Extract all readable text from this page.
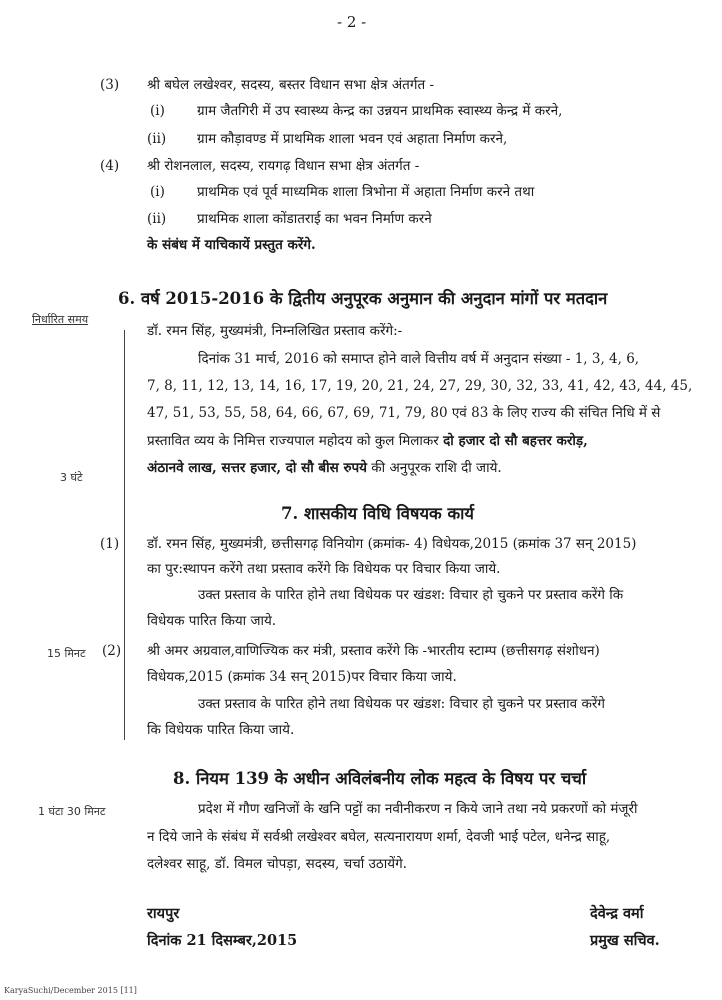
- 2 -
(3) श्री बघेल लखेश्वर, सदस्य, बस्तर विधान सभा क्षेत्र अंतर्गत -
(i) ग्राम जैतगिरी में उप स्वास्थ्य केन्द्र का उन्नयन प्राथमिक स्वास्थ्य केन्द्र में करने,
(ii) ग्राम कौड़ावण्ड में प्राथमिक शाला भवन एवं अहाता निर्माण करने,
(4) श्री रोशनलाल, सदस्य, रायगढ़ विधान सभा क्षेत्र अंतर्गत -
(i) प्राथमिक एवं पूर्व माध्यमिक शाला त्रिभोना में अहाता निर्माण करने तथा
(ii) प्राथमिक शाला कोंडातराई का भवन निर्माण करने
के संबंध में याचिकायें प्रस्तुत करेंगे.
6. वर्ष 2015-2016 के द्वितीय अनुपूरक अनुमान की अनुदान मांगों पर मतदान
निर्धारित समय
डॉ. रमन सिंह, मुख्यमंत्री, निम्नलिखित प्रस्ताव करेंगे:-
दिनांक 31 मार्च, 2016 को समाप्त होने वाले वित्तीय वर्ष में अनुदान संख्या - 1, 3, 4, 6,
7, 8, 11, 12, 13, 14, 16, 17, 19, 20, 21, 24, 27, 29, 30, 32, 33, 41, 42, 43, 44, 45,
47, 51, 53, 55, 58, 64, 66, 67, 69, 71, 79, 80 एवं 83 के लिए राज्य की संचित निधि में से
प्रस्तावित व्यय के निमित्त राज्यपाल महोदय को कुल मिलाकर दो हजार दो सौ बहत्तर करोड़,
अंठानवे लाख, सत्तर हजार, दो सौ बीस रुपये की अनुपूरक राशि दी जाये.
3 घंटे
7. शासकीय विधि विषयक कार्य
(1) डॉ. रमन सिंह, मुख्यमंत्री, छत्तीसगढ़ विनियोग (क्रमांक- 4) विधेयक,2015 (क्रमांक 37 सन् 2015)
का पुर:स्थापन करेंगे तथा प्रस्ताव करेंगे कि विधेयक पर विचार किया जाये.
उक्त प्रस्ताव के पारित होने तथा विधेयक पर खंडश: विचार हो चुकने पर प्रस्ताव करेंगे कि
विधेयक पारित किया जाये.
15 मिनट (2) श्री अमर अग्रवाल,वाणिज्यिक कर मंत्री, प्रस्ताव करेंगे कि -भारतीय स्टाम्प (छत्तीसगढ़ संशोधन)
विधेयक,2015 (क्रमांक 34 सन् 2015)पर विचार किया जाये.
उक्त प्रस्ताव के पारित होने तथा विधेयक पर खंडश: विचार हो चुकने पर प्रस्ताव करेंगे
कि विधेयक पारित किया जाये.
8. नियम 139 के अधीन अविलंबनीय लोक महत्व के विषय पर चर्चा
1 घंटा 30 मिनट	प्रदेश में गौण खनिजों के खनि पट्टों का नवीनीकरण न किये जाने तथा नये प्रकरणों को मंजूरी
न दिये जाने के संबंध में सर्वश्री लखेश्वर बघेल, सत्यनारायण शर्मा, देवजी भाई पटेल, धनेन्द्र साहू,
दलेश्वर साहू, डॉ. विमल चोपड़ा, सदस्य, चर्चा उठायेंगे.
रायपुर
दिनांक 21 दिसम्बर,2015
देवेन्द्र वर्मा
प्रमुख सचिव.
KaryaSuchi/December 2015 [11]
